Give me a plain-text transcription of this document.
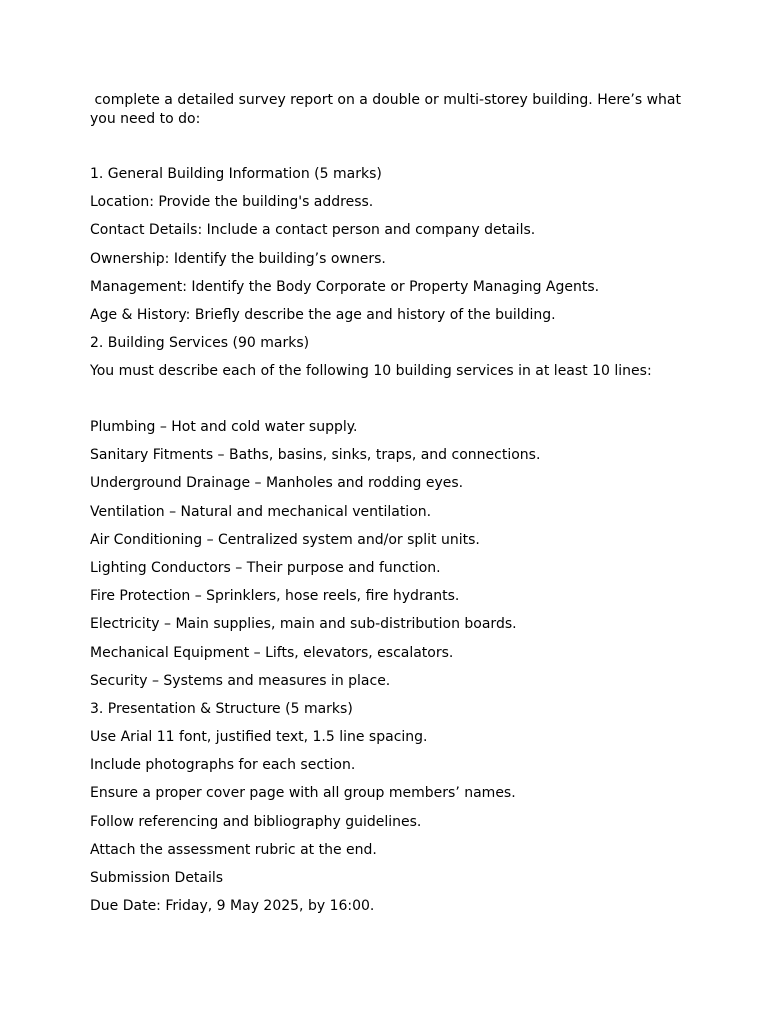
complete a detailed survey report on a double or multi-storey building. Here’s what you need to do:

1. General Building Information (5 marks)

Location: Provide the building's address.

Contact Details: Include a contact person and company details.

Ownership: Identify the building’s owners.

Management: Identify the Body Corporate or Property Managing Agents.

Age & History: Briefly describe the age and history of the building.

2. Building Services (90 marks)

You must describe each of the following 10 building services in at least 10 lines:

Plumbing – Hot and cold water supply.

Sanitary Fitments – Baths, basins, sinks, traps, and connections.

Underground Drainage – Manholes and rodding eyes.

Ventilation – Natural and mechanical ventilation.

Air Conditioning – Centralized system and/or split units.

Lighting Conductors – Their purpose and function.

Fire Protection – Sprinklers, hose reels, fire hydrants.

Electricity – Main supplies, main and sub-distribution boards.

Mechanical Equipment – Lifts, elevators, escalators.

Security – Systems and measures in place.

3. Presentation & Structure (5 marks)

Use Arial 11 font, justified text, 1.5 line spacing.

Include photographs for each section.

Ensure a proper cover page with all group members’ names.

Follow referencing and bibliography guidelines.

Attach the assessment rubric at the end.

Submission Details

Due Date: Friday, 9 May 2025, by 16:00.
